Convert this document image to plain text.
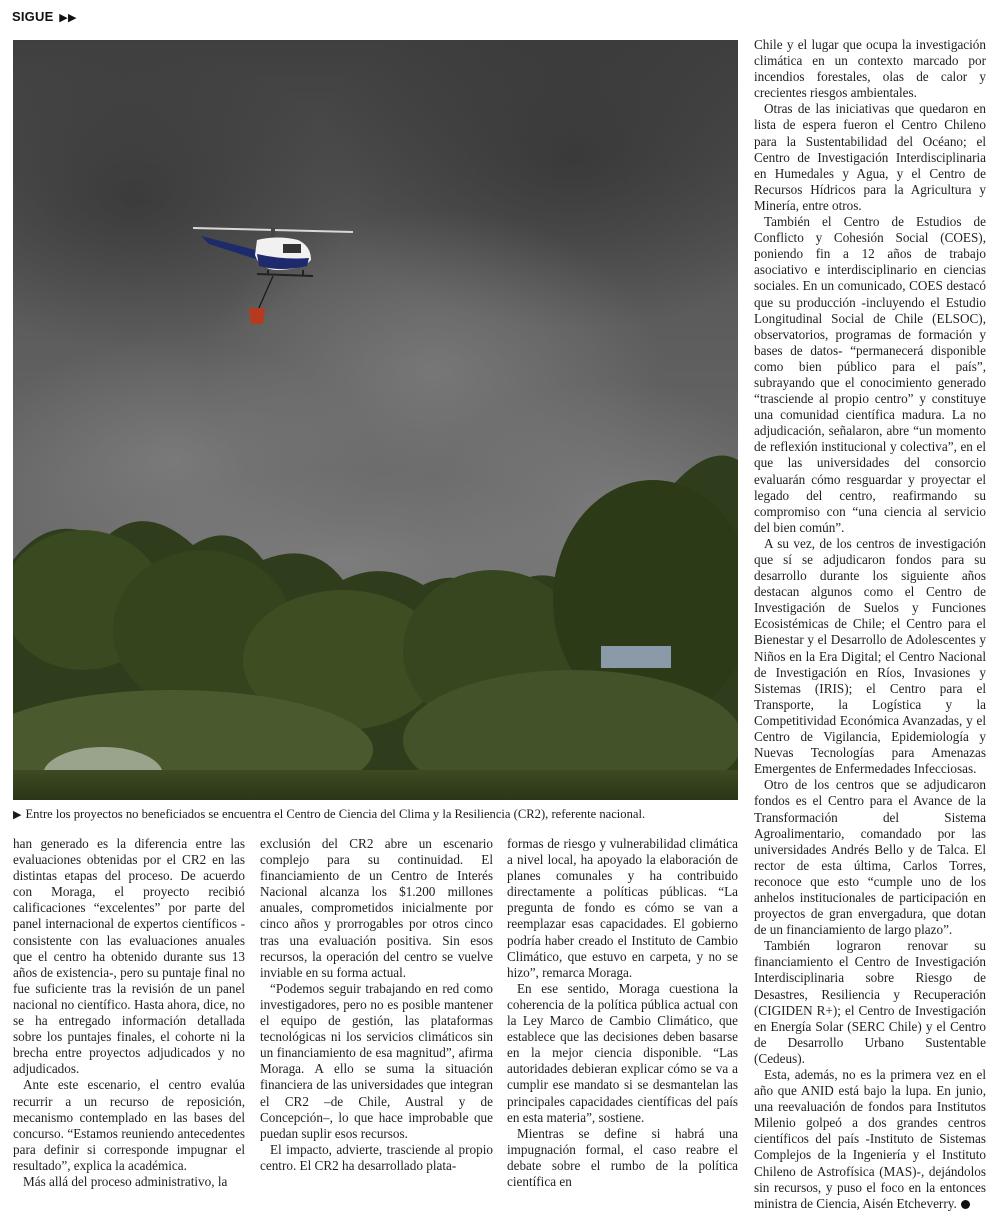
SIGUE ▶▶
▶ Entre los proyectos no beneficiados se encuentra el Centro de Ciencia del Clima y la Resiliencia (CR2), referente nacional.

han generado es la diferencia entre las evaluaciones obtenidas por el CR2 en las distintas etapas del proceso. De acuerdo con Moraga, el proyecto recibió calificaciones “excelentes” por parte del panel internacional de expertos científicos -consistente con las evaluaciones anuales que el centro ha obtenido durante sus 13 años de existencia-, pero su puntaje final no fue suficiente tras la revisión de un panel nacional no científico. Hasta ahora, dice, no se ha entregado información detallada sobre los puntajes finales, el cohorte ni la brecha entre proyectos adjudicados y no adjudicados.

Ante este escenario, el centro evalúa recurrir a un recurso de reposición, mecanismo contemplado en las bases del concurso. “Estamos reuniendo antecedentes para definir si corresponde impugnar el resultado”, explica la académica.

Más allá del proceso administrativo, la

exclusión del CR2 abre un escenario complejo para su continuidad. El financiamiento de un Centro de Interés Nacional alcanza los $1.200 millones anuales, comprometidos inicialmente por cinco años y prorrogables por otros cinco tras una evaluación positiva. Sin esos recursos, la operación del centro se vuelve inviable en su forma actual.

“Podemos seguir trabajando en red como investigadores, pero no es posible mantener el equipo de gestión, las plataformas tecnológicas ni los servicios climáticos sin un financiamiento de esa magnitud”, afirma Moraga. A ello se suma la situación financiera de las universidades que integran el CR2 –de Chile, Austral y de Concepción–, lo que hace improbable que puedan suplir esos recursos.

El impacto, advierte, trasciende al propio centro. El CR2 ha desarrollado plata-

formas de riesgo y vulnerabilidad climática a nivel local, ha apoyado la elaboración de planes comunales y ha contribuido directamente a políticas públicas. “La pregunta de fondo es cómo se van a reemplazar esas capacidades. El gobierno podría haber creado el Instituto de Cambio Climático, que estuvo en carpeta, y no se hizo”, remarca Moraga.

En ese sentido, Moraga cuestiona la coherencia de la política pública actual con la Ley Marco de Cambio Climático, que establece que las decisiones deben basarse en la mejor ciencia disponible. “Las autoridades debieran explicar cómo se va a cumplir ese mandato si se desmantelan las principales capacidades científicas del país en esta materia”, sostiene.

Mientras se define si habrá una impugnación formal, el caso reabre el debate sobre el rumbo de la política científica en

Chile y el lugar que ocupa la investigación climática en un contexto marcado por incendios forestales, olas de calor y crecientes riesgos ambientales.

Otras de las iniciativas que quedaron en lista de espera fueron el Centro Chileno para la Sustentabilidad del Océano; el Centro de Investigación Interdisciplinaria en Humedales y Agua, y el Centro de Recursos Hídricos para la Agricultura y Minería, entre otros.

También el Centro de Estudios de Conflicto y Cohesión Social (COES), poniendo fin a 12 años de trabajo asociativo e interdisciplinario en ciencias sociales. En un comunicado, COES destacó que su producción -incluyendo el Estudio Longitudinal Social de Chile (ELSOC), observatorios, programas de formación y bases de datos- “permanecerá disponible como bien público para el país”, subrayando que el conocimiento generado “trasciende al propio centro” y constituye una comunidad científica madura. La no adjudicación, señalaron, abre “un momento de reflexión institucional y colectiva”, en el que las universidades del consorcio evaluarán cómo resguardar y proyectar el legado del centro, reafirmando su compromiso con “una ciencia al servicio del bien común”.

A su vez, de los centros de investigación que sí se adjudicaron fondos para su desarrollo durante los siguiente años destacan algunos como el Centro de Investigación de Suelos y Funciones Ecosistémicas de Chile; el Centro para el Bienestar y el Desarrollo de Adolescentes y Niños en la Era Digital; el Centro Nacional de Investigación en Ríos, Invasiones y Sistemas (IRIS); el Centro para el Transporte, la Logística y la Competitividad Económica Avanzadas, y el Centro de Vigilancia, Epidemiología y Nuevas Tecnologías para Amenazas Emergentes de Enfermedades Infecciosas.

Otro de los centros que se adjudicaron fondos es el Centro para el Avance de la Transformación del Sistema Agroalimentario, comandado por las universidades Andrés Bello y de Talca. El rector de esta última, Carlos Torres, reconoce que esto “cumple uno de los anhelos institucionales de participación en proyectos de gran envergadura, que dotan de un financiamiento de largo plazo”.

También lograron renovar su financiamiento el Centro de Investigación Interdisciplinaria sobre Riesgo de Desastres, Resiliencia y Recuperación (CIGIDEN R+); el Centro de Investigación en Energía Solar (SERC Chile) y el Centro de Desarrollo Urbano Sustentable (Cedeus).

Esta, además, no es la primera vez en el año que ANID está bajo la lupa. En junio, una reevaluación de fondos para Institutos Milenio golpeó a dos grandes centros científicos del país -Instituto de Sistemas Complejos de la Ingeniería y el Instituto Chileno de Astrofísica (MAS)-, dejándolos sin recursos, y puso el foco en la entonces ministra de Ciencia, Aisén Etcheverry.
